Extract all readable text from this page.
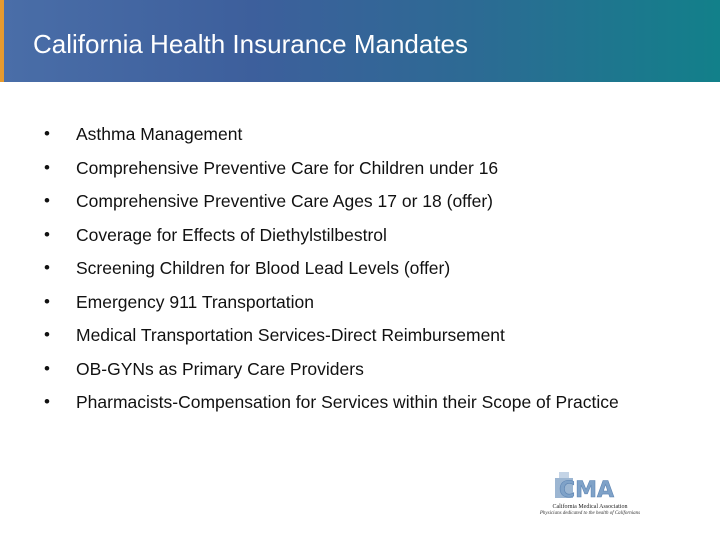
California Health Insurance Mandates
•	Asthma Management
•	Comprehensive Preventive Care for Children under 16
•	Comprehensive Preventive Care Ages 17 or 18 (offer)
•	Coverage for Effects of Diethylstilbestrol
•	Screening Children for Blood Lead Levels (offer)
•	Emergency 911 Transportation
•	Medical Transportation Services-Direct Reimbursement
•	OB-GYNs as Primary Care Providers
•	Pharmacists-Compensation for Services within their Scope of Practice
CMA
California Medical Association
Physicians dedicated to the health of Californians
